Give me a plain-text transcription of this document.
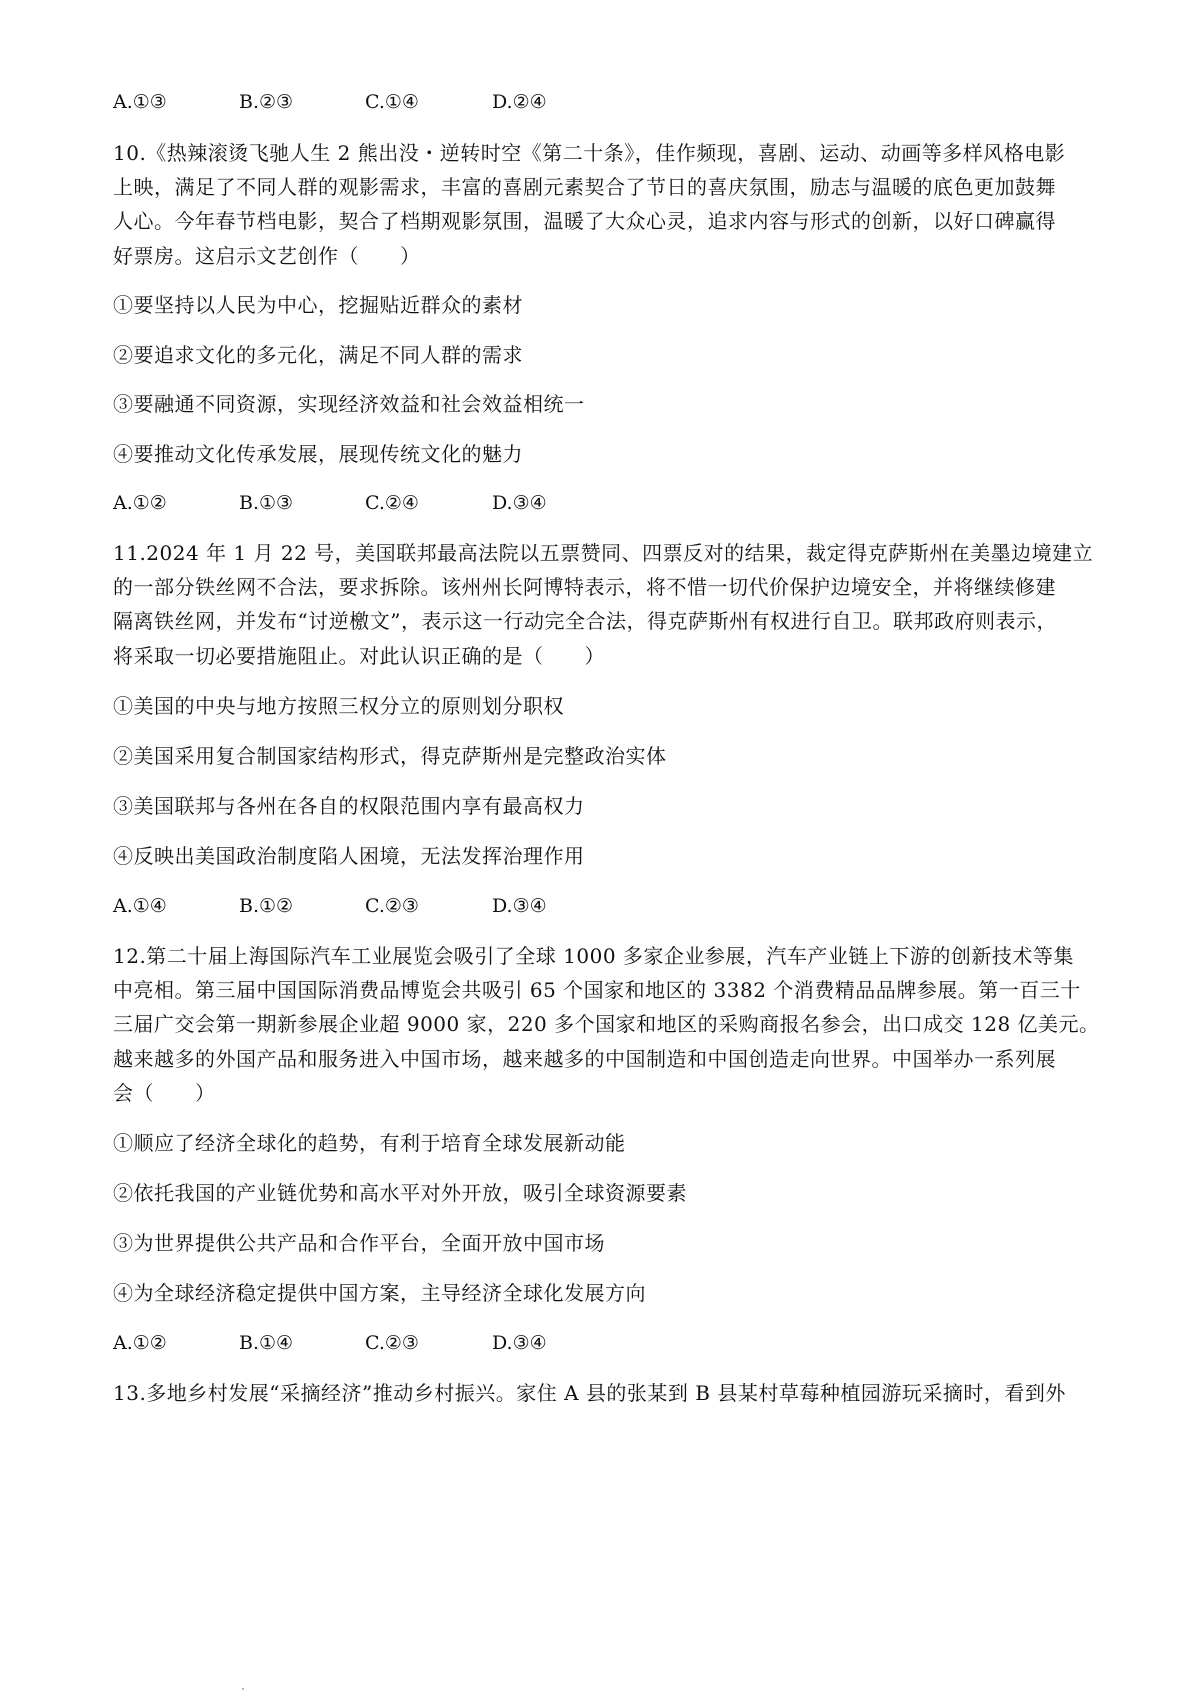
A.①③	B.②③	C.①④	D.②④
10.《热辣滚烫飞驰人生 2 熊出没・逆转时空《第二十条》，佳作频现，喜剧、运动、动画等多样风格电影
上映，满足了不同人群的观影需求，丰富的喜剧元素契合了节日的喜庆氛围，励志与温暖的底色更加鼓舞
人心。今年春节档电影，契合了档期观影氛围，温暖了大众心灵，追求内容与形式的创新，以好口碑赢得
好票房。这启示文艺创作（　　）
①要坚持以人民为中心，挖掘贴近群众的素材
②要追求文化的多元化，满足不同人群的需求
③要融通不同资源，实现经济效益和社会效益相统一
④要推动文化传承发展，展现传统文化的魅力
A.①②	B.①③	C.②④	D.③④
11.2024 年 1 月 22 号，美国联邦最高法院以五票赞同、四票反对的结果，裁定得克萨斯州在美墨边境建立
的一部分铁丝网不合法，要求拆除。该州州长阿博特表示，将不惜一切代价保护边境安全，并将继续修建
隔离铁丝网，并发布“讨逆檄文”，表示这一行动完全合法，得克萨斯州有权进行自卫。联邦政府则表示，
将采取一切必要措施阻止。对此认识正确的是（　　）
①美国的中央与地方按照三权分立的原则划分职权
②美国采用复合制国家结构形式，得克萨斯州是完整政治实体
③美国联邦与各州在各自的权限范围内享有最高权力
④反映出美国政治制度陷人困境，无法发挥治理作用
A.①④	B.①②	C.②③	D.③④
12.第二十届上海国际汽车工业展览会吸引了全球 1000 多家企业参展，汽车产业链上下游的创新技术等集
中亮相。第三届中国国际消费品博览会共吸引 65 个国家和地区的 3382 个消费精品品牌参展。第一百三十
三届广交会第一期新参展企业超 9000 家，220 多个国家和地区的采购商报名参会，出口成交 128 亿美元。
越来越多的外国产品和服务进入中国市场，越来越多的中国制造和中国创造走向世界。中国举办一系列展
会（　　）
①顺应了经济全球化的趋势，有利于培育全球发展新动能
②依托我国的产业链优势和高水平对外开放，吸引全球资源要素
③为世界提供公共产品和合作平台，全面开放中国市场
④为全球经济稳定提供中国方案，主导经济全球化发展方向
A.①②	B.①④	C.②③	D.③④
13.多地乡村发展“采摘经济”推动乡村振兴。家住 A 县的张某到 B 县某村草莓种植园游玩采摘时，看到外
